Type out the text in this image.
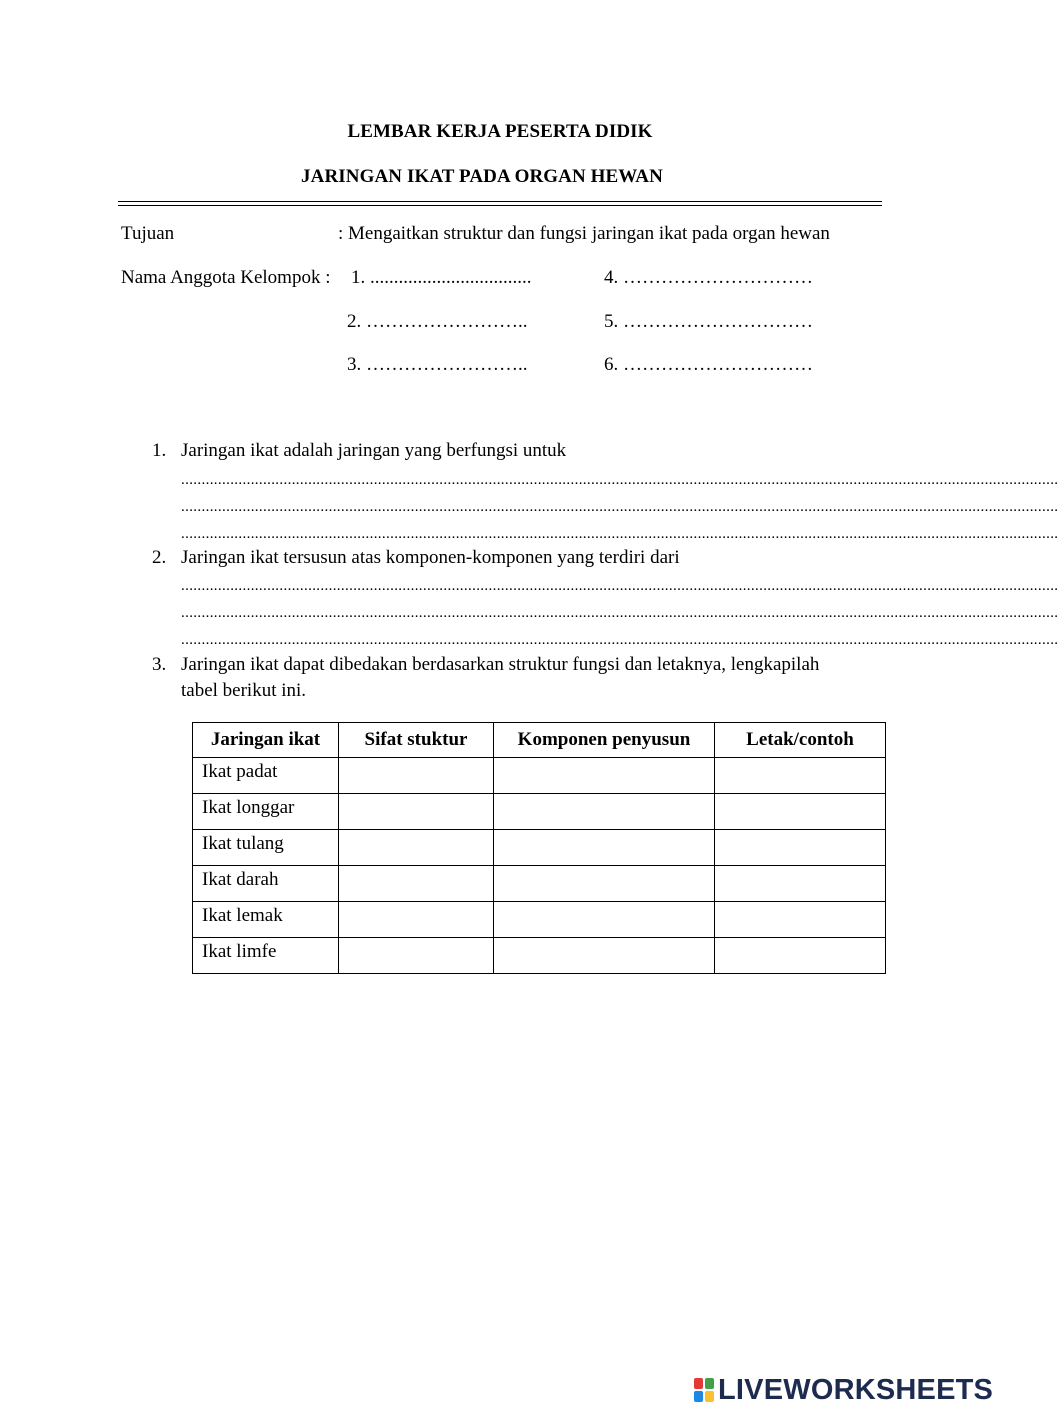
LEMBAR KERJA PESERTA DIDIK
JARINGAN IKAT PADA ORGAN HEWAN
Tujuan	: Mengaitkan struktur dan fungsi jaringan ikat pada organ hewan
Nama Anggota Kelompok : 1. ..................................
2. ……………………..
3. ……………………..
4. …………………………
5. …………………………
6. …………………………
1. Jaringan ikat adalah jaringan yang berfungsi untuk
......................................................................................................................................................................................................................
......................................................................................................................................................................................................................
......................................................................................................................................................................................................................
2. Jaringan ikat tersusun atas komponen-komponen yang terdiri dari
......................................................................................................................................................................................................................
......................................................................................................................................................................................................................
......................................................................................................................................................................................................................
3. Jaringan ikat dapat dibedakan berdasarkan struktur fungsi dan letaknya, lengkapilah
tabel berikut ini.
Jaringan ikat	Sifat stuktur	Komponen penyusun	Letak/contoh
Ikat padat			
Ikat longgar			
Ikat tulang			
Ikat darah			
Ikat lemak			
Ikat limfe			
LIVEWORKSHEETS
